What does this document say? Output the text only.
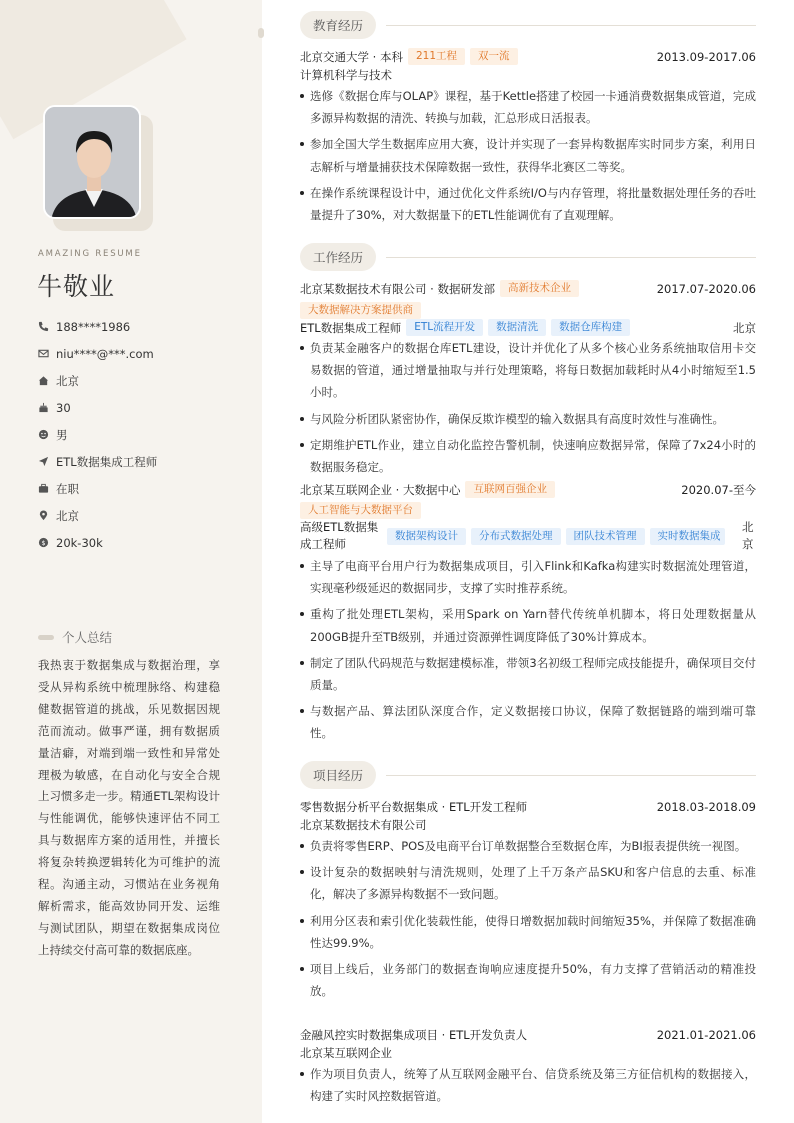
AMAZING RESUME
牛敬业
188****1986
niu****@***.com
北京
30
男
ETL数据集成工程师
在职
北京
$ 20k-30k
个人总结
我热衷于数据集成与数据治理，享受从异构系统中梳理脉络、构建稳健数据管道的挑战，乐见数据因规范而流动。做事严谨，拥有数据质量洁癖，对端到端一致性和异常处理极为敏感，在自动化与安全合规上习惯多走一步。精通ETL架构设计与性能调优，能够快速评估不同工具与数据库方案的适用性，并擅长将复杂转换逻辑转化为可维护的流程。沟通主动，习惯站在业务视角解析需求，能高效协同开发、运维与测试团队，期望在数据集成岗位上持续交付高可靠的数据底座。
教育经历
北京交通大学 · 本科	211工程	双一流	2013.09-2017.06
计算机科学与技术
选修《数据仓库与OLAP》课程，基于Kettle搭建了校园一卡通消费数据集成管道，完成多源异构数据的清洗、转换与加载，汇总形成日活报表。
参加全国大学生数据库应用大赛，设计并实现了一套异构数据库实时同步方案，利用日志解析与增量捕获技术保障数据一致性，获得华北赛区二等奖。
在操作系统课程设计中，通过优化文件系统I/O与内存管理，将批量数据处理任务的吞吐量提升了30%，对大数据量下的ETL性能调优有了直观理解。
工作经历
北京某数据技术有限公司 · 数据研发部	高新技术企业	2017.07-2020.06
大数据解决方案提供商
ETL数据集成工程师	ETL流程开发	数据清洗	数据仓库构建	北京
负责某金融客户的数据仓库ETL建设，设计并优化了从多个核心业务系统抽取信用卡交易数据的管道，通过增量抽取与并行处理策略，将每日数据加载耗时从4小时缩短至1.5小时。
与风险分析团队紧密协作，确保反欺诈模型的输入数据具有高度时效性与准确性。
定期维护ETL作业，建立自动化监控告警机制，快速响应数据异常，保障了7x24小时的数据服务稳定。
北京某互联网企业 · 大数据中心	互联网百强企业	2020.07-至今
人工智能与大数据平台
高级ETL数据集成工程师
数据架构设计	分布式数据处理	团队技术管理	实时数据集成
北京
主导了电商平台用户行为数据集成项目，引入Flink和Kafka构建实时数据流处理管道，实现毫秒级延迟的数据同步，支撑了实时推荐系统。
重构了批处理ETL架构，采用Spark on Yarn替代传统单机脚本，将日处理数据量从200GB提升至TB级别，并通过资源弹性调度降低了30%计算成本。
制定了团队代码规范与数据建模标准，带领3名初级工程师完成技能提升，确保项目交付质量。
与数据产品、算法团队深度合作，定义数据接口协议，保障了数据链路的端到端可靠性。
项目经历
零售数据分析平台数据集成 · ETL开发工程师	2018.03-2018.09
北京某数据技术有限公司
负责将零售ERP、POS及电商平台订单数据整合至数据仓库，为BI报表提供统一视图。
设计复杂的数据映射与清洗规则，处理了上千万条产品SKU和客户信息的去重、标准化，解决了多源异构数据不一致问题。
利用分区表和索引优化装载性能，使得日增数据加载时间缩短35%，并保障了数据准确性达99.9%。
项目上线后，业务部门的数据查询响应速度提升50%，有力支撑了营销活动的精准投放。
金融风控实时数据集成项目 · ETL开发负责人	2021.01-2021.06
北京某互联网企业
作为项目负责人，统筹了从互联网金融平台、信贷系统及第三方征信机构的数据接入，构建了实时风控数据管道。
